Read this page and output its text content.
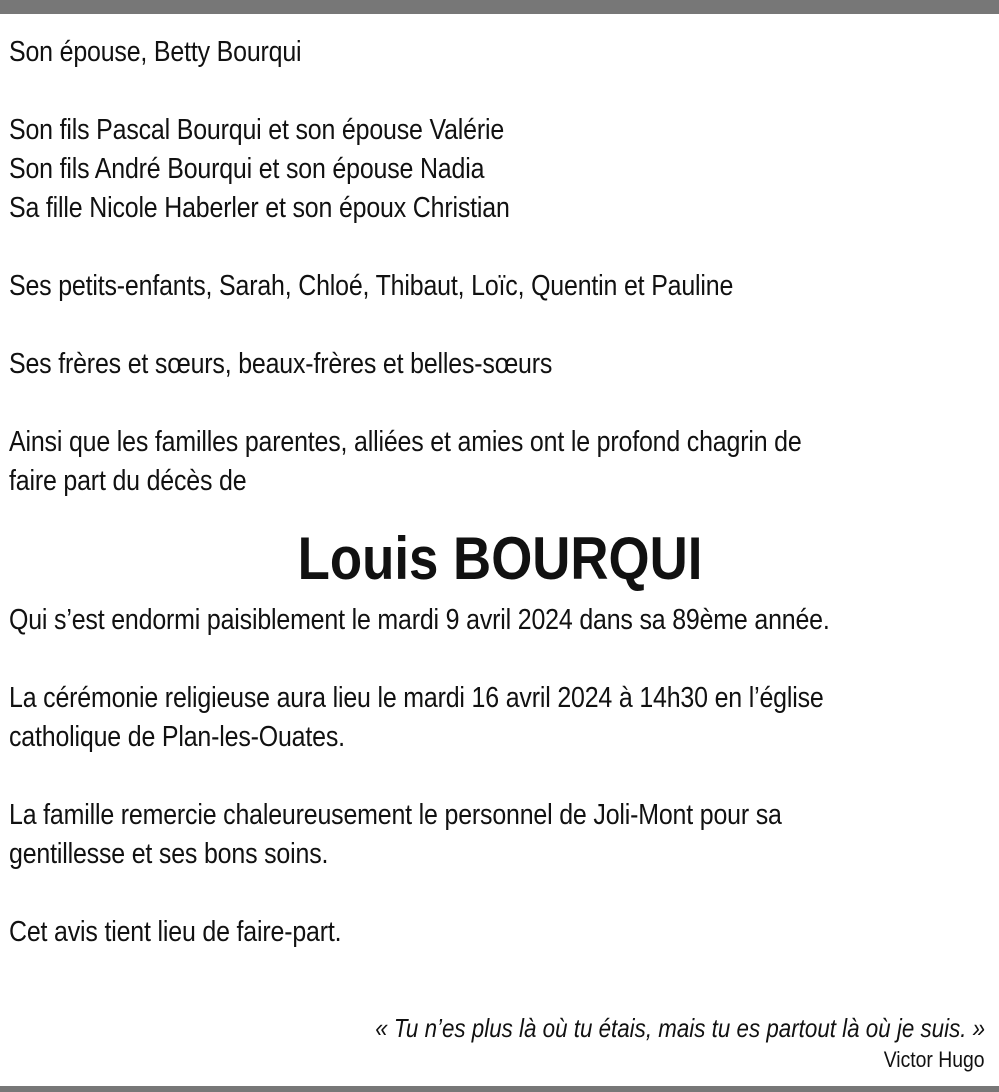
Son épouse, Betty Bourqui
Son fils Pascal Bourqui et son épouse Valérie
Son fils André Bourqui et son épouse Nadia
Sa fille Nicole Haberler et son époux Christian
Ses petits-enfants, Sarah, Chloé, Thibaut, Loïc, Quentin et Pauline
Ses frères et sœurs, beaux-frères et belles-sœurs
Ainsi que les familles parentes, alliées et amies ont le profond chagrin de
faire part du décès de
Louis BOURQUI
Qui s’est endormi paisiblement le mardi 9 avril 2024 dans sa 89ème année.
La cérémonie religieuse aura lieu le mardi 16 avril 2024 à 14h30 en l’église
catholique de Plan-les-Ouates.
La famille remercie chaleureusement le personnel de Joli-Mont pour sa
gentillesse et ses bons soins.
Cet avis tient lieu de faire-part.
« Tu n’es plus là où tu étais, mais tu es partout là où je suis. »
Victor Hugo
